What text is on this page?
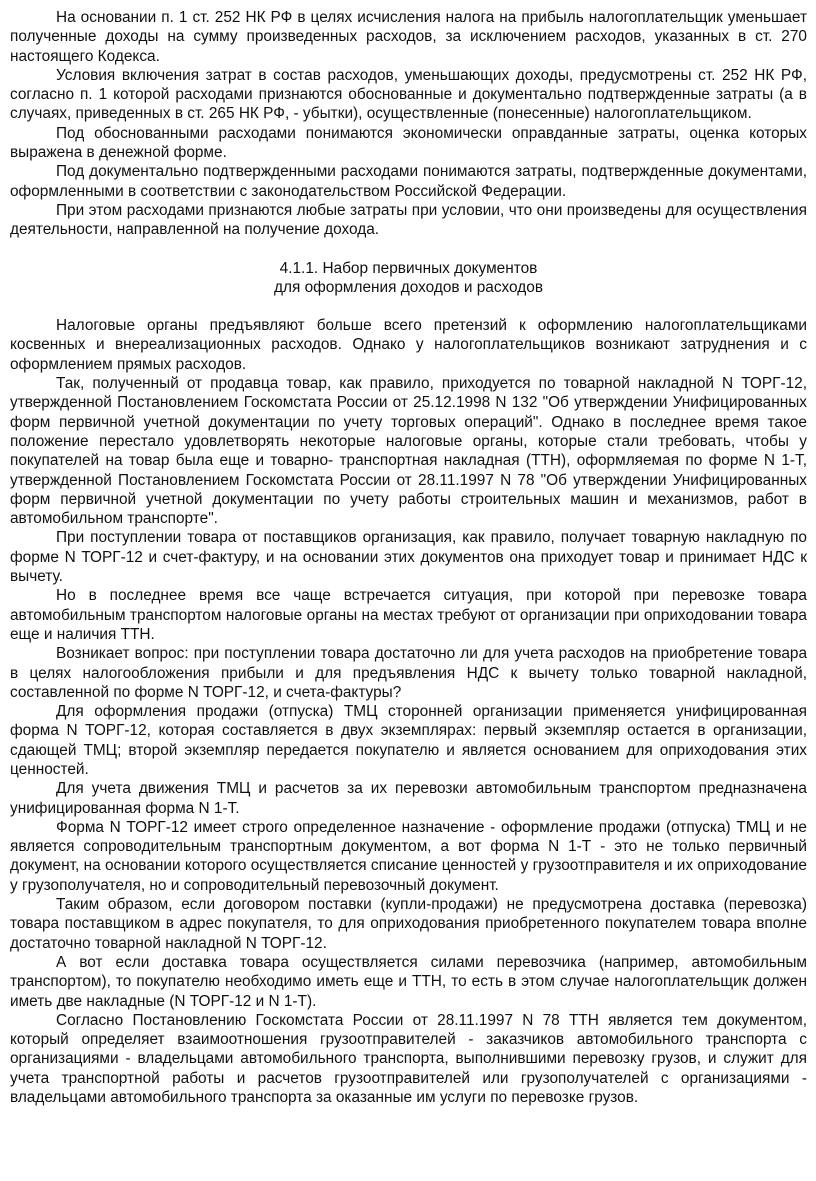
На основании п. 1 ст. 252 НК РФ в целях исчисления налога на прибыль налогоплательщик уменьшает полученные доходы на сумму произведенных расходов, за исключением расходов, указанных в ст. 270 настоящего Кодекса.

Условия включения затрат в состав расходов, уменьшающих доходы, предусмотрены ст. 252 НК РФ, согласно п. 1 которой расходами признаются обоснованные и документально подтвержденные затраты (а в случаях, приведенных в ст. 265 НК РФ, - убытки), осуществленные (понесенные) налогоплательщиком.

Под обоснованными расходами понимаются экономически оправданные затраты, оценка которых выражена в денежной форме.

Под документально подтвержденными расходами понимаются затраты, подтвержденные документами, оформленными в соответствии с законодательством Российской Федерации.

При этом расходами признаются любые затраты при условии, что они произведены для осуществления деятельности, направленной на получение дохода.

4.1.1. Набор первичных документов

для оформления доходов и расходов

Налоговые органы предъявляют больше всего претензий к оформлению налогоплательщиками косвенных и внереализационных расходов. Однако у налогоплательщиков возникают затруднения и с оформлением прямых расходов.

Так, полученный от продавца товар, как правило, приходуется по товарной накладной N ТОРГ-12, утвержденной Постановлением Госкомстата России от 25.12.1998 N 132 "Об утверждении Унифицированных форм первичной учетной документации по учету торговых операций". Однако в последнее время такое положение перестало удовлетворять некоторые налоговые органы, которые стали требовать, чтобы у покупателей на товар была еще и товарно- транспортная накладная (ТТН), оформляемая по форме N 1-Т, утвержденной Постановлением Госкомстата России от 28.11.1997 N 78 "Об утверждении Унифицированных форм первичной учетной документации по учету работы строительных машин и механизмов, работ в автомобильном транспорте".

При поступлении товара от поставщиков организация, как правило, получает товарную накладную по форме N ТОРГ-12 и счет-фактуру, и на основании этих документов она приходует товар и принимает НДС к вычету.

Но в последнее время все чаще встречается ситуация, при которой при перевозке товара автомобильным транспортом налоговые органы на местах требуют от организации при оприходовании товара еще и наличия ТТН.

Возникает вопрос: при поступлении товара достаточно ли для учета расходов на приобретение товара в целях налогообложения прибыли и для предъявления НДС к вычету только товарной накладной, составленной по форме N ТОРГ-12, и счета-фактуры?

Для оформления продажи (отпуска) ТМЦ сторонней организации применяется унифицированная форма N ТОРГ-12, которая составляется в двух экземплярах: первый экземпляр остается в организации, сдающей ТМЦ; второй экземпляр передается покупателю и является основанием для оприходования этих ценностей.

Для учета движения ТМЦ и расчетов за их перевозки автомобильным транспортом предназначена унифицированная форма N 1-Т.

Форма N ТОРГ-12 имеет строго определенное назначение - оформление продажи (отпуска) ТМЦ и не является сопроводительным транспортным документом, а вот форма N 1-Т - это не только первичный документ, на основании которого осуществляется списание ценностей у грузоотправителя и их оприходование у грузополучателя, но и сопроводительный перевозочный документ.

Таким образом, если договором поставки (купли-продажи) не предусмотрена доставка (перевозка) товара поставщиком в адрес покупателя, то для оприходования приобретенного покупателем товара вполне достаточно товарной накладной N ТОРГ-12.

А вот если доставка товара осуществляется силами перевозчика (например, автомобильным транспортом), то покупателю необходимо иметь еще и ТТН, то есть в этом случае налогоплательщик должен иметь две накладные (N ТОРГ-12 и N 1-Т).

Согласно Постановлению Госкомстата России от 28.11.1997 N 78 ТТН является тем документом, который определяет взаимоотношения грузоотправителей - заказчиков автомобильного транспорта с организациями - владельцами автомобильного транспорта, выполнившими перевозку грузов, и служит для учета транспортной работы и расчетов грузоотправителей или грузополучателей с организациями - владельцами автомобильного транспорта за оказанные им услуги по перевозке грузов.
